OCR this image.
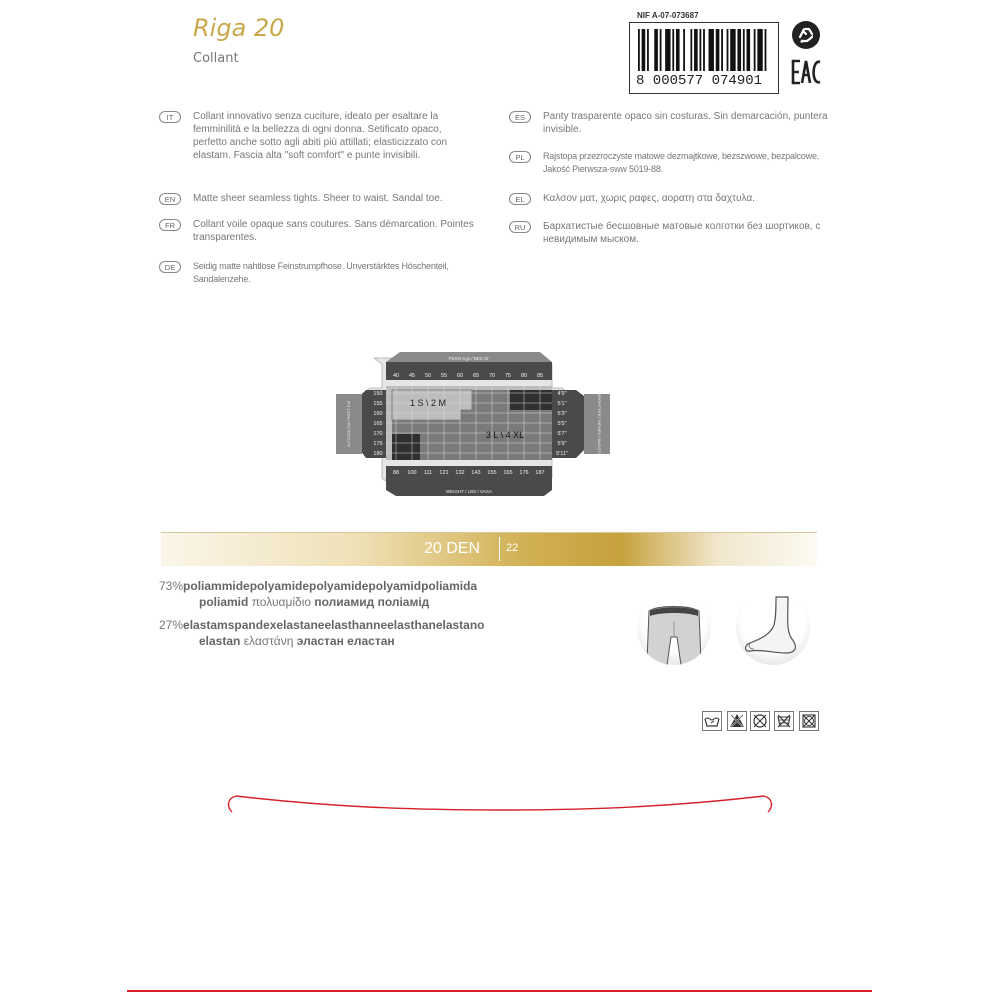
Riga 20
Collant
NIF A-07-073687
8 000577 074901
EAC
IT	Collant innovativo senza cuciture, ideato per esaltare la femminilità e la bellezza di ogni donna. Setificato opaco, perfetto anche sotto agli abiti più attillati; elasticizzato con elastam. Fascia alta "soft comfort" e punte invisibili.
EN	Matte sheer seamless tights. Sheer to waist. Sandal toe.
FR	Collant voile opaque sans coutures. Sans démarcation. Pointes transparentes.
DE	Seidig matte nahtlose Feinstrumpfhose. Unverstärktes Höschenteil, Sandalenzehe.
ES	Panty trasparente opaco sin costuras. Sin demarcación, puntera invisible.
PL	Rajstopa przezroczyste matowe dezmajtkowe, bezszwowe, bezpalcowe. Jakość Pierwsza-sww 5019-88.
EL	Καλσον ματ, χωρις ραφες, αορατη στα δαχτυλα.
RU	Бархатистые бесшовные матовые колготки без шортиков, с невидимым мыском.
PESO Kgs / ВЕС КГ
WEIGHT / LBS / VAGA
ALTEZZA CM / РОСТ СМ	HEIGHT FEET INCHES / ВЫСОТА
1 S \ 2 M
3 L \ 4 XL
40 45 50 55 60 65 70 75 80 85
88 100 111 121 132 143 155 165 176 187
150
155
160
165
170
175
180
4'9"
5'1"
5'3"
5'5"
5'7"
5'9"
5'11"
20 DEN 22
73%poliammidepolyamidepolyamidepolyamidpoliamida
poliamid πολυαμίδιο полиамид поліамід
27%elastamspandexelastaneelasthanneelasthanelastano
elastan ελαστάνη эластан еластан
